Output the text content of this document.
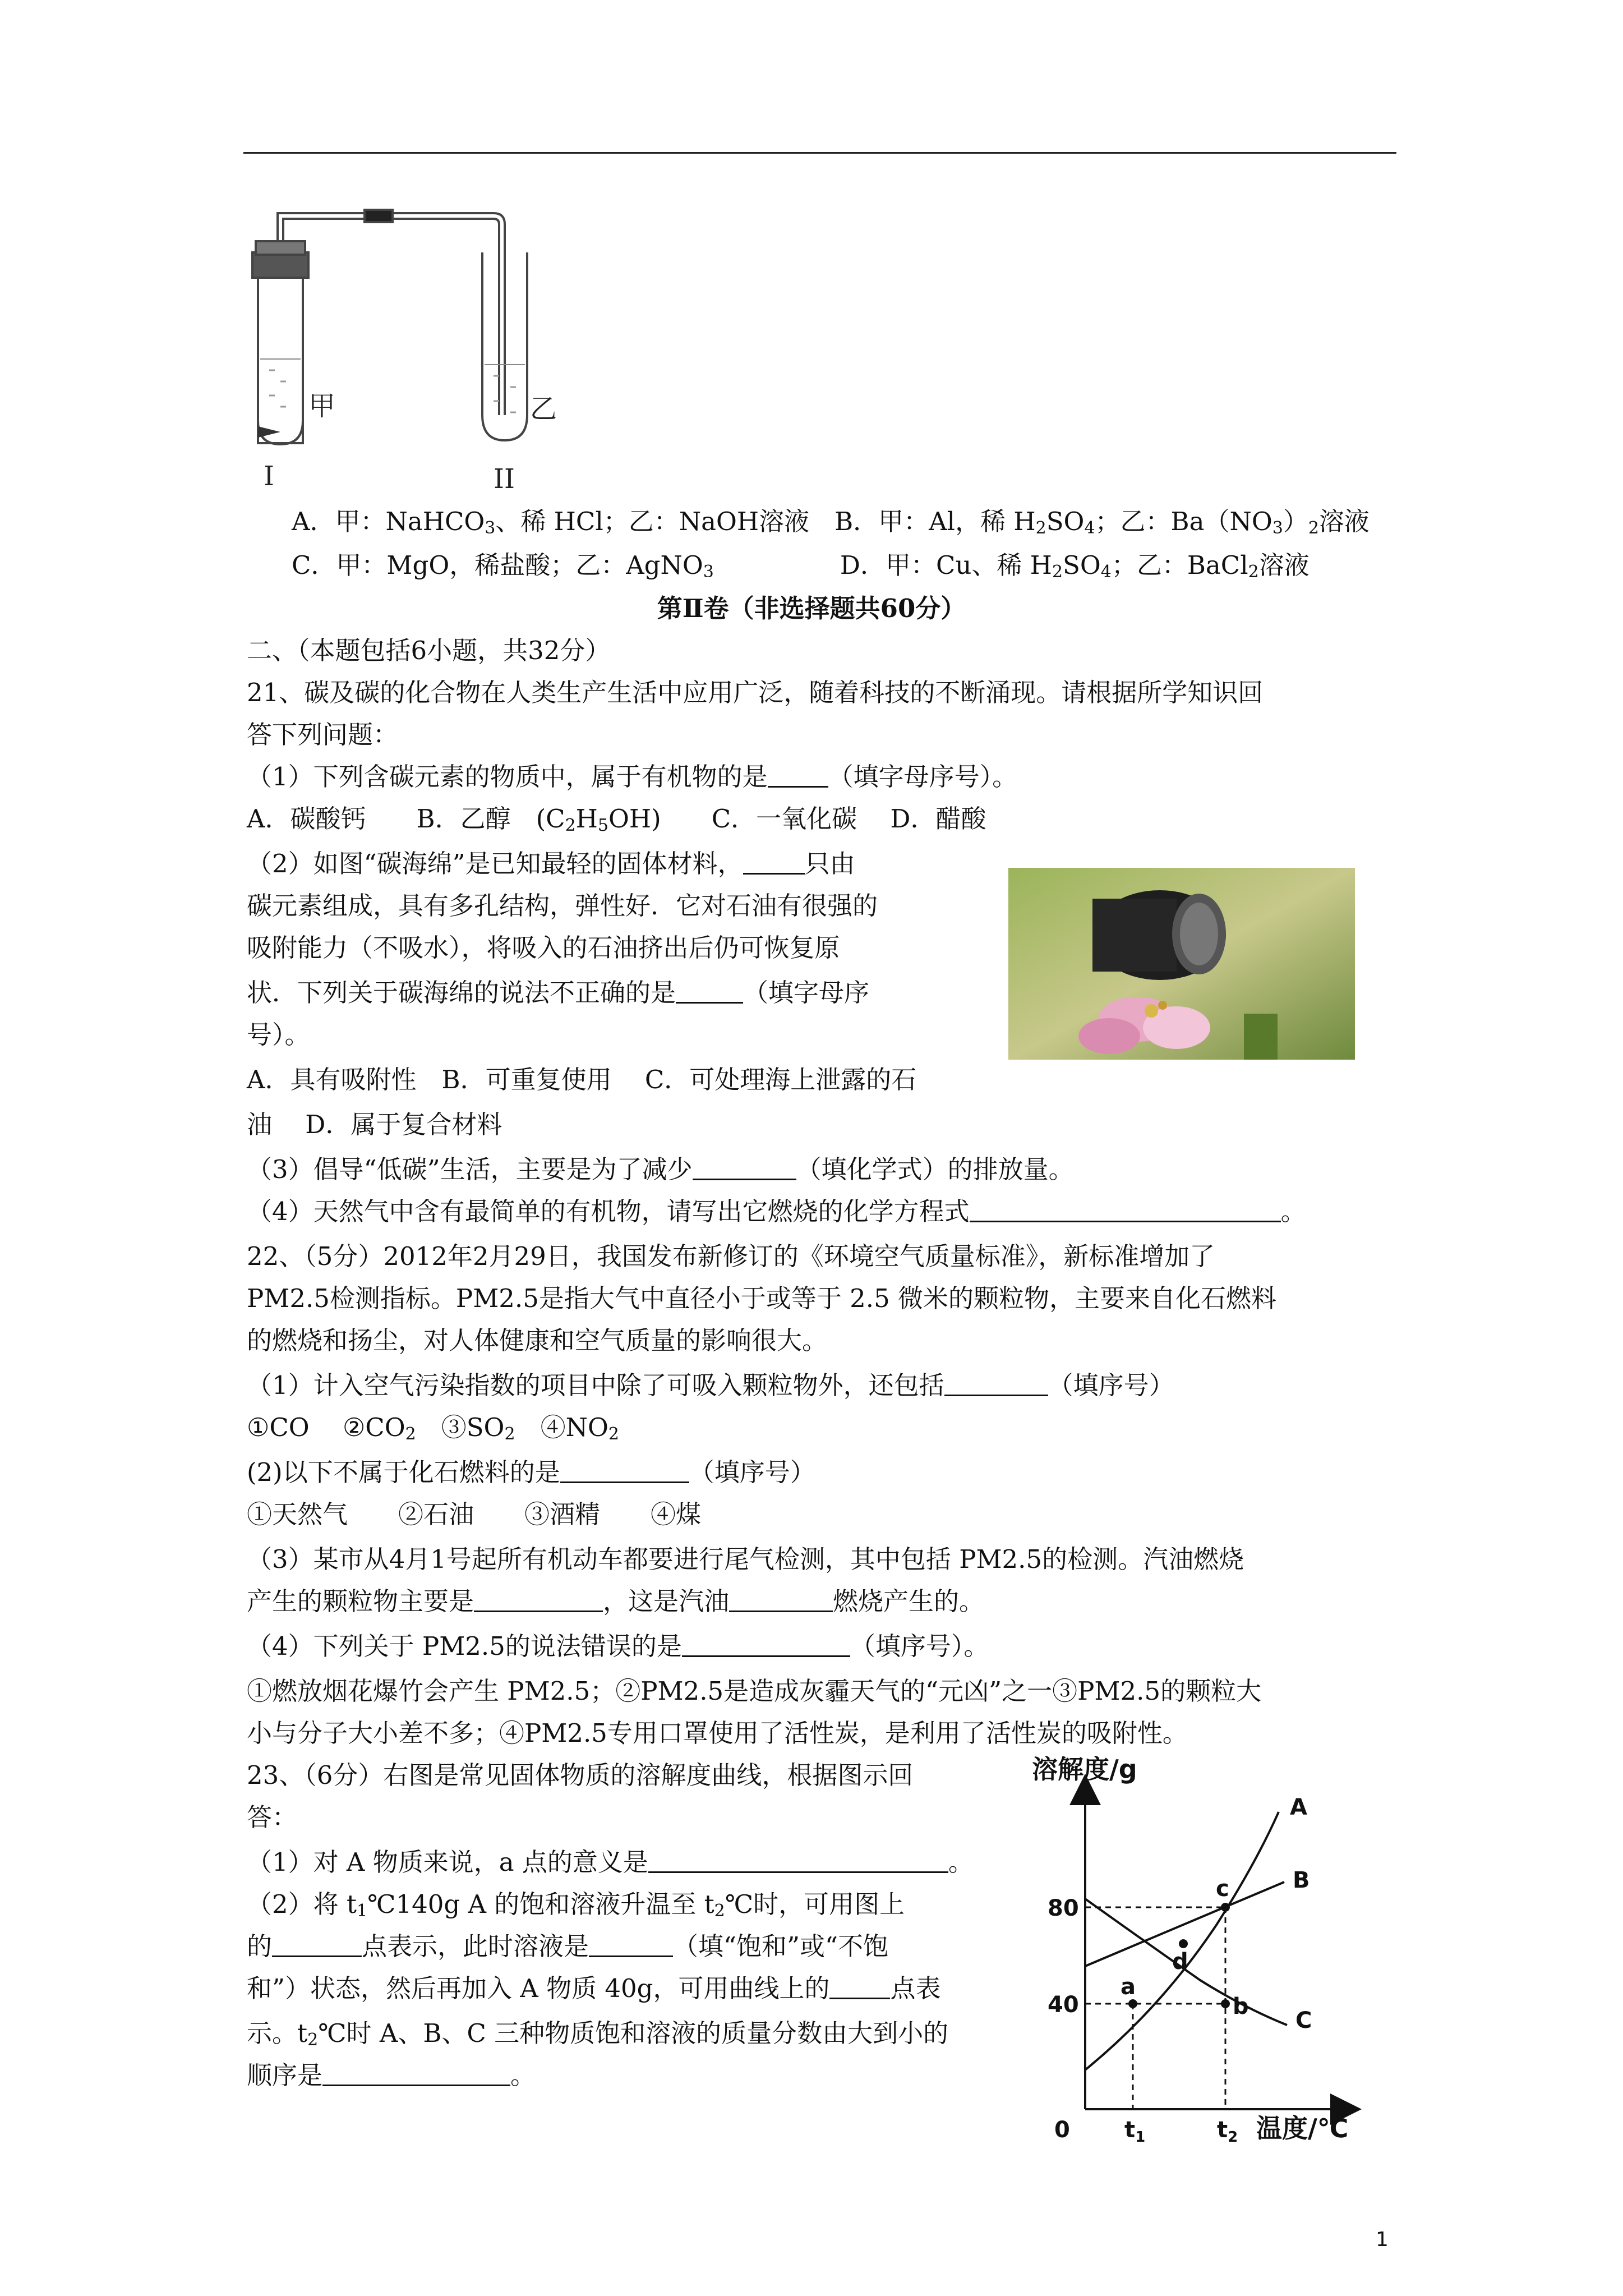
甲	乙
I	II
A．甲：NaHCO$_3$、稀 HCl；乙：NaOH溶液　 B．甲：Al，稀 $H_2SO_4$；乙：$Ba(NO_3)_2$溶液
C．甲：MgO，稀盐酸；乙：AgNO$_3$　　　　　	D．甲：Cu、稀 $H_2SO_4$；乙：BaCl$_2$溶液
第Ⅱ卷（非选择题共60分）
二、（本题包括6小题，共32分）
21、碳及碳的化合物在人类生产生活中应用广泛，随着科技的不断涌现。请根据所学知识回
答下列问题：
（1）下列含碳元素的物质中，属于有机物的是 （填字母序号）。
A．碳酸钙　　B．乙醇　$(C_2H_5OH)$　　C．一氧化碳　 D．醋酸
（2）如图“碳海绵”是已知最轻的固体材料， 只由
碳元素组成，具有多孔结构，弹性好．它对石油有很强的
吸附能力（不吸水），将吸入的石油挤出后仍可恢复原
状．下列关于碳海绵的说法不正确的是	（填字母序
号）。
A．具有吸附性　B．可重复使用　 C．可处理海上泄露的石
油　 D．属于复合材料
（3）倡导“低碳”生活，主要是为了减少	（填化学式）的排放量。
（4）天然气中含有最简单的有机物，请写出它燃烧的化学方程式	。
22、（5分）2012年2月29日，我国发布新修订的《环境空气质量标准》，新标准增加了
PM2.5检测指标。PM2.5是指大气中直径小于或等于 2.5 微米的颗粒物，主要来自化石燃料
的燃烧和扬尘，对人体健康和空气质量的影响很大。
（1）计入空气污染指数的项目中除了可吸入颗粒物外，还包括	（填序号）
①CO　 $②CO_2$　$③SO_2$　$④NO_2$
(2)以下不属于化石燃料的是	（填序号）
①天然气　　②石油　　③酒精　　④煤
（3）某市从4月1号起所有机动车都要进行尾气检测，其中包括 PM2.5的检测。汽油燃烧
产生的颗粒物主要是	，这是汽油	燃烧产生的。
（4）下列关于 PM2.5的说法错误的是	（填序号）。
①燃放烟花爆竹会产生 PM2.5；②PM2.5是造成灰霾天气的“元凶”之一③PM2.5的颗粒大
小与分子大小差不多；④PM2.5专用口罩使用了活性炭，是利用了活性炭的吸附性。
23、（6分）右图是常见固体物质的溶解度曲线，根据图示回
答：
（1）对 A 物质来说，a 点的意义是	。
（2）将 $t_1℃140g$ A 的饱和溶液升温至 $t_2℃$时，可用图上
的	点表示，此时溶液是	（填“饱和”或“不饱
和”）状态，然后再加入 A 物质 40g，可用曲线上的 点表
示。$t_2℃$时 A、B、C 三种物质饱和溶液的质量分数由大到小的
顺序是	。
溶解度/g
温度/℃
A
B
C
a
b
c
d
80
40
0 $t_1$	$t_2$
1
